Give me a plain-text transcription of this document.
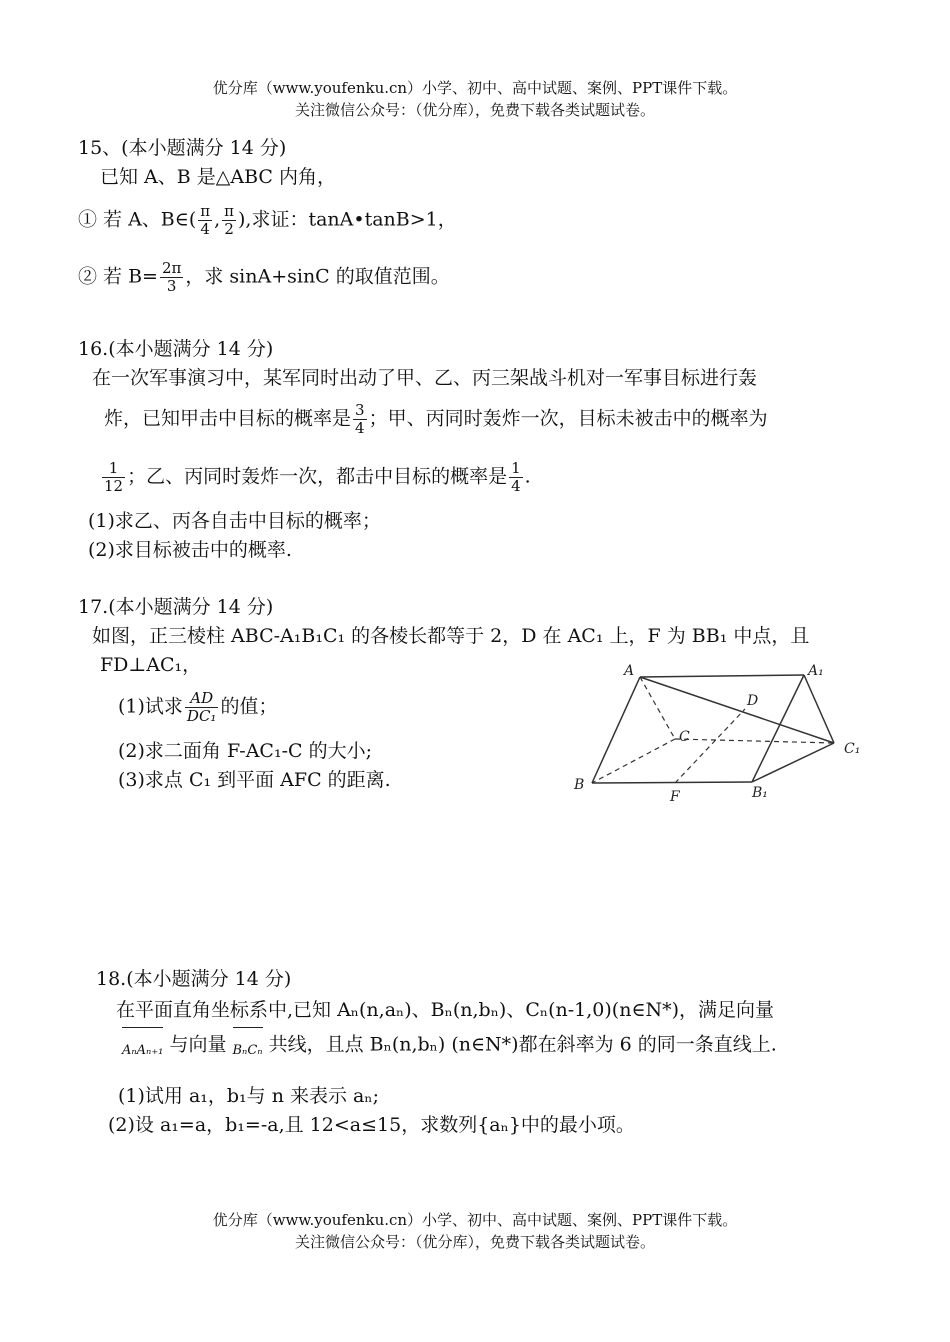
优分库（www.youfenku.cn）小学、初中、高中试题、案例、PPT课件下载。
关注微信公众号：（优分库），免费下载各类试题试卷。
15、(本小题满分 14 分)
已知 A、B 是△ABC 内角，
① 若 A、B∈( $\frac{\pi}{4}$ , $\frac{\pi}{2}$ ),求证：tanA•tanB>1，
② 若 $B= \frac{2\pi}{3}$ ，求 sinA+sinC 的取值范围。
16.(本小题满分 14 分)
在一次军事演习中，某军同时出动了甲、乙、丙三架战斗机对一军事目标进行轰
炸，已知甲击中目标的概率是 $\frac{3}{4}$ ；甲、丙同时轰炸一次，目标未被击中的概率为
$\frac{1}{12}$ ；乙、丙同时轰炸一次，都击中目标的概率是 $\frac{1}{4}$ .
(1)求乙、丙各自击中目标的概率；
(2)求目标被击中的概率.
17.(本小题满分 14 分)
如图，正三棱柱 ABC-A₁B₁C₁ 的各棱长都等于 2，D 在 AC₁ 上，F 为 BB₁ 中点，且
FD⊥AC₁，
(1)试求 $\frac{AD}{\text{DC₁}}$ 的值；
(2)求二面角 F-AC₁-C 的大小;
(3)求点 C₁ 到平面 AFC 的距离.
A	A₁
B	B₁
C
C₁
D
F
18.(本小题满分 14 分)
在平面直角坐标系中,已知 Aₙ(n,aₙ)、Bₙ(n,bₙ)、Cₙ(n-1,0)(n∈N*)，满足向量
AₙAₙ₊₁ 与向量 BₙCₙ 共线，且点 Bₙ(n,bₙ) (n∈N*)都在斜率为 6 的同一条直线上.
(1)试用 a₁，b₁与 n 来表示 aₙ;
(2)设 a₁=a，b₁=-a,且 12<a≤15，求数列{aₙ}中的最小项。
优分库（www.youfenku.cn）小学、初中、高中试题、案例、PPT课件下载。
关注微信公众号：（优分库），免费下载各类试题试卷。
